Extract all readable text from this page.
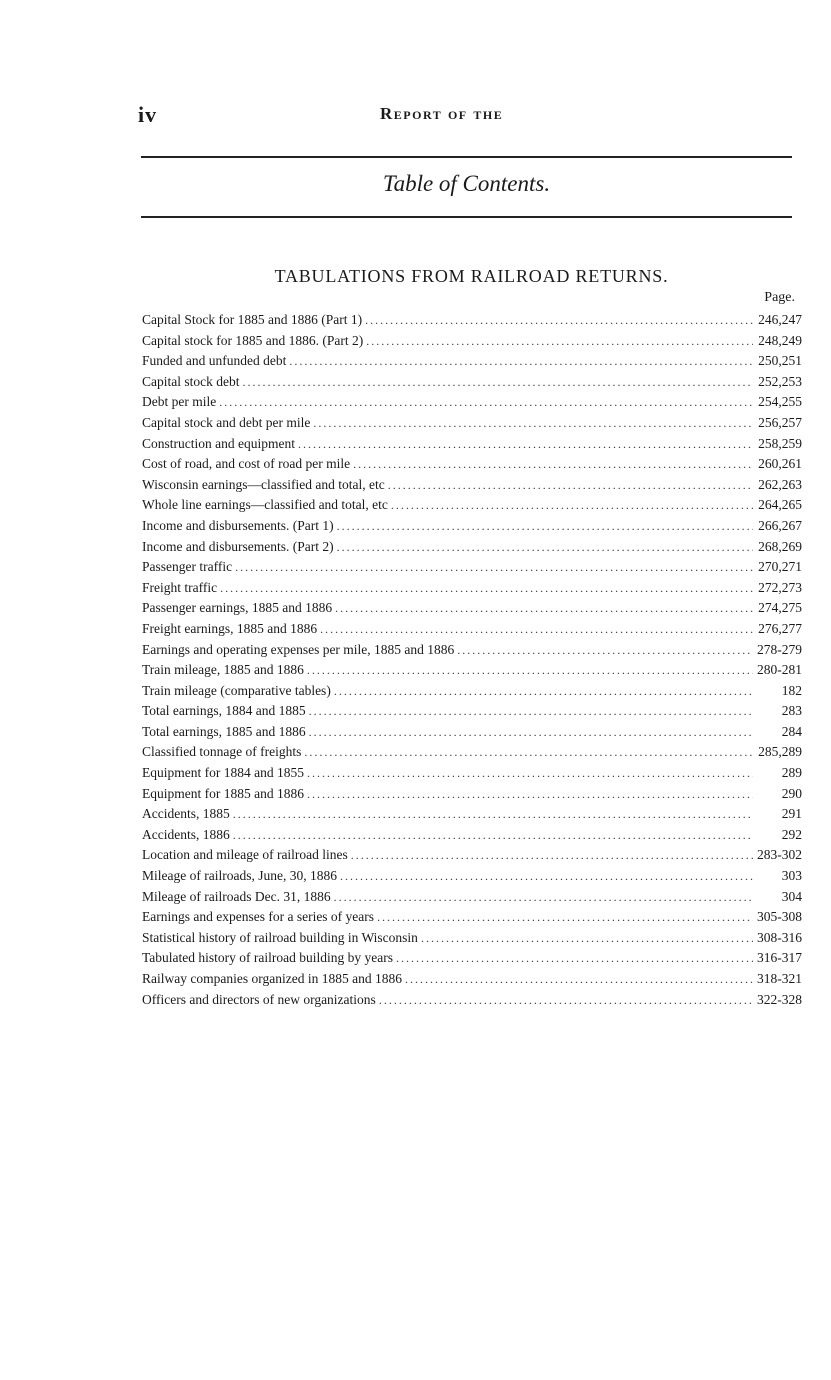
iv	Report of the
Table of Contents.
TABULATIONS FROM RAILROAD RETURNS.
Page.
Capital Stock for 1885 and 1886 (Part 1) .....	246,247
Capital stock for 1885 and 1886. (Part 2) .....	248,249
Funded and unfunded debt .....	250,251
Capital stock debt .....	252,253
Debt per mile .....	254,255
Capital stock and debt per mile .....	256,257
Construction and equipment .....	258,259
Cost of road, and cost of road per mile .....	260,261
Wisconsin earnings—classified and total, etc .....	262,263
Whole line earnings—classified and total, etc .....	264,265
Income and disbursements. (Part 1) .....	266,267
Income and disbursements. (Part 2) .....	268,269
Passenger traffic .....	270,271
Freight traffic .....	272,273
Passenger earnings, 1885 and 1886 .....	274,275
Freight earnings, 1885 and 1886 .....	276,277
Earnings and operating expenses per mile, 1885 and 1886 .....	278-279
Train mileage, 1885 and 1886 .....	280-281
Train mileage (comparative tables) .....	182
Total earnings, 1884 and 1885 .....	283
Total earnings, 1885 and 1886 .....	284
Classified tonnage of freights .....	285,289
Equipment for 1884 and 1855 .....	289
Equipment for 1885 and 1886 .....	290
Accidents, 1885 .....	291
Accidents, 1886 .....	292
Location and mileage of railroad lines .....	283-302
Mileage of railroads, June, 30, 1886 .....	303
Mileage of railroads Dec. 31, 1886 .....	304
Earnings and expenses for a series of years .....	305-308
Statistical history of railroad building in Wisconsin .....	308-316
Tabulated history of railroad building by years .....	316-317
Railway companies organized in 1885 and 1886 .....	318-321
Officers and directors of new organizations .....	322-328
